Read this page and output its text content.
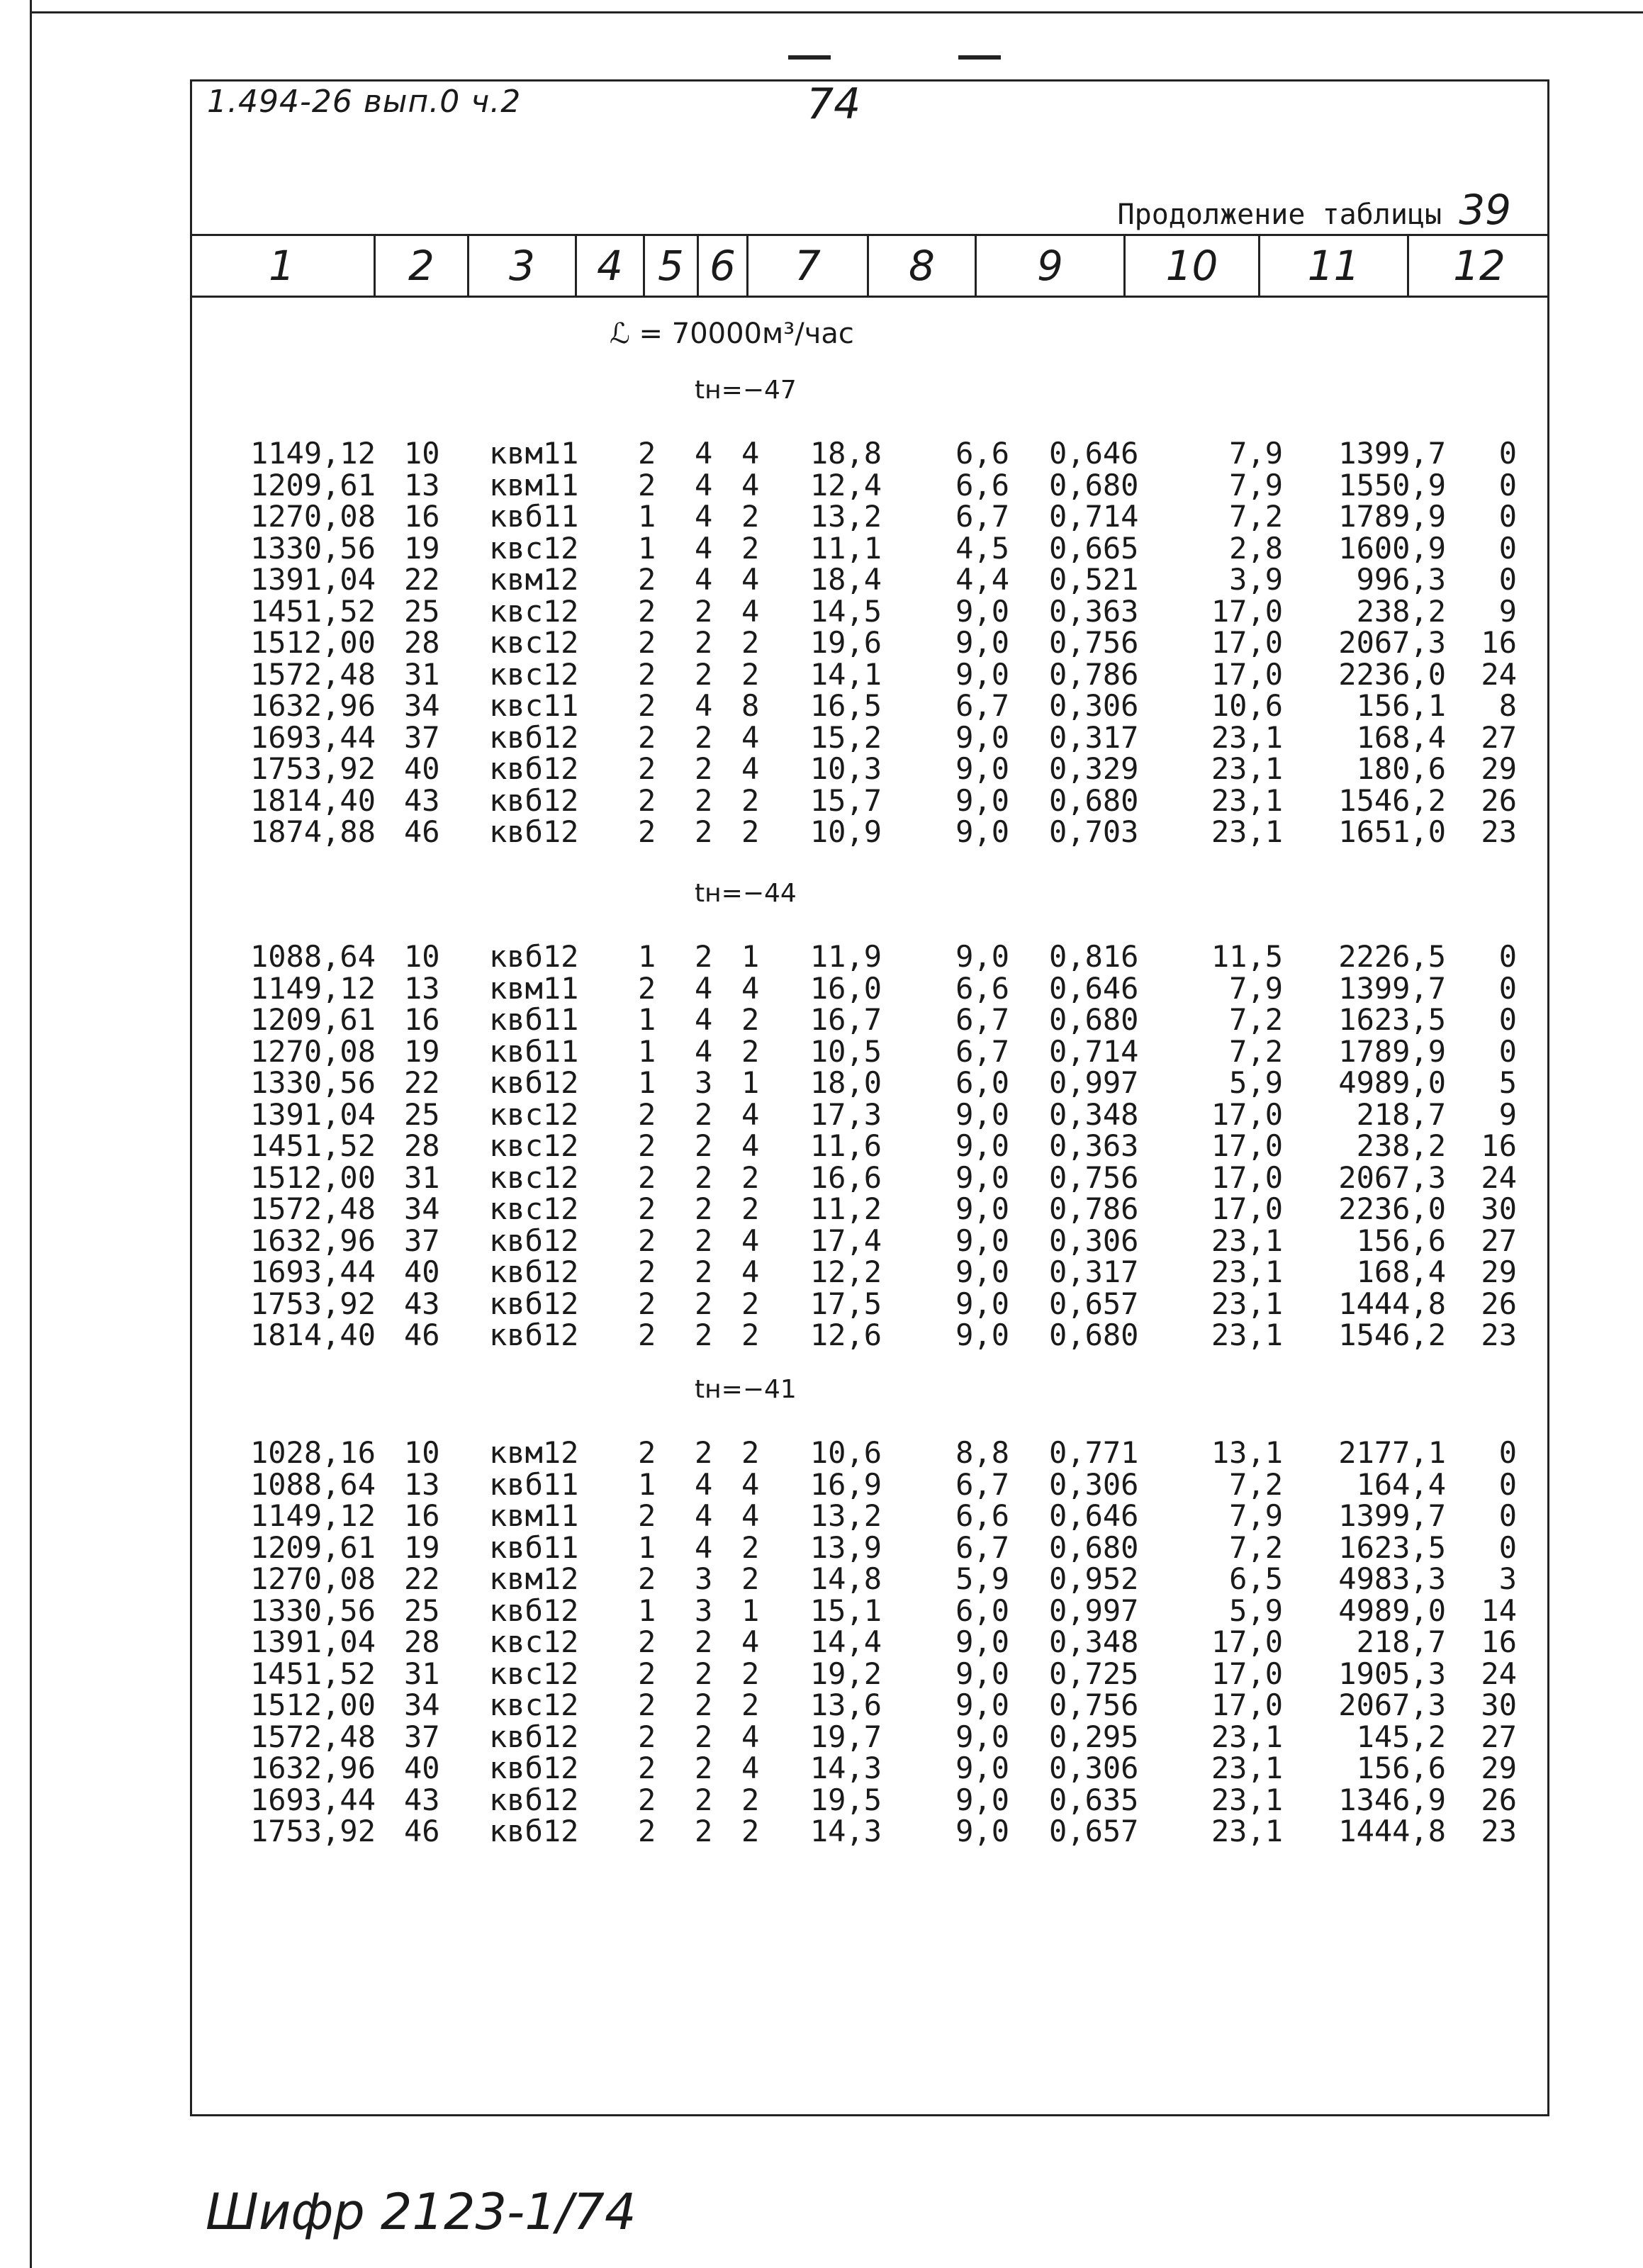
1.494-26 вып.0 ч.2	74
Продолжение таблицы 39
1	2	3	4 5 6	7	8	9	10	11	12
ℒ = 70000м³/час
tн=−47
1149,12 10 квм11 2 4 4 18,8 6,6 0,646	7,9 1399,7 0
1209,61 13 квм11 2 4 4 12,4 6,6 0,680	7,9 1550,9 0
1270,08 16 квб11 1 4 2 13,2 6,7 0,714	7,2 1789,9 0
1330,56 19 квс12 1 4 2 11,1 4,5 0,665	2,8 1600,9 0
1391,04 22 квм12 2 4 4 18,4 4,4 0,521	3,9 996,3 0
1451,52 25 квс12 2 2 4 14,5 9,0 0,363 17,0 238,2 9
1512,00 28 квс12 2 2 2 19,6 9,0 0,756 17,0 2067,3 16
1572,48 31 квс12 2 2 2 14,1 9,0 0,786 17,0 2236,0 24
1632,96 34 квс11 2 4 8 16,5 6,7 0,306 10,6 156,1 8
1693,44 37 квб12 2 2 4 15,2 9,0 0,317 23,1 168,4 27
1753,92 40 квб12 2 2 4 10,3 9,0 0,329 23,1 180,6 29
1814,40 43 квб12 2 2 2 15,7 9,0 0,680 23,1 1546,2 26
1874,88 46 квб12 2 2 2 10,9 9,0 0,703 23,1 1651,0 23
tн=−44
1088,64 10 квб12 1 2 1 11,9 9,0 0,816 11,5 2226,5 0
1149,12 13 квм11 2 4 4 16,0 6,6 0,646	7,9 1399,7 0
1209,61 16 квб11 1 4 2 16,7 6,7 0,680	7,2 1623,5 0
1270,08 19 квб11 1 4 2 10,5 6,7 0,714	7,2 1789,9 0
1330,56 22 квб12 1 3 1 18,0 6,0 0,997	5,9 4989,0 5
1391,04 25 квс12 2 2 4 17,3 9,0 0,348 17,0 218,7 9
1451,52 28 квс12 2 2 4 11,6 9,0 0,363 17,0 238,2 16
1512,00 31 квс12 2 2 2 16,6 9,0 0,756 17,0 2067,3 24
1572,48 34 квс12 2 2 2 11,2 9,0 0,786 17,0 2236,0 30
1632,96 37 квб12 2 2 4 17,4 9,0 0,306 23,1 156,6 27
1693,44 40 квб12 2 2 4 12,2 9,0 0,317 23,1 168,4 29
1753,92 43 квб12 2 2 2 17,5 9,0 0,657 23,1 1444,8 26
1814,40 46 квб12 2 2 2 12,6 9,0 0,680 23,1 1546,2 23
tн=−41
1028,16 10 квм12 2 2 2 10,6 8,8 0,771 13,1 2177,1 0
1088,64 13 квб11 1 4 4 16,9 6,7 0,306	7,2 164,4 0
1149,12 16 квм11 2 4 4 13,2 6,6 0,646	7,9 1399,7 0
1209,61 19 квб11 1 4 2 13,9 6,7 0,680	7,2 1623,5 0
1270,08 22 квм12 2 3 2 14,8 5,9 0,952	6,5 4983,3 3
1330,56 25 квб12 1 3 1 15,1 6,0 0,997	5,9 4989,0 14
1391,04 28 квс12 2 2 4 14,4 9,0 0,348 17,0 218,7 16
1451,52 31 квс12 2 2 2 19,2 9,0 0,725 17,0 1905,3 24
1512,00 34 квс12 2 2 2 13,6 9,0 0,756 17,0 2067,3 30
1572,48 37 квб12 2 2 4 19,7 9,0 0,295 23,1 145,2 27
1632,96 40 квб12 2 2 4 14,3 9,0 0,306 23,1 156,6 29
1693,44 43 квб12 2 2 2 19,5 9,0 0,635 23,1 1346,9 26
1753,92 46 квб12 2 2 2 14,3 9,0 0,657 23,1 1444,8 23
Шифр 2123-1/74
